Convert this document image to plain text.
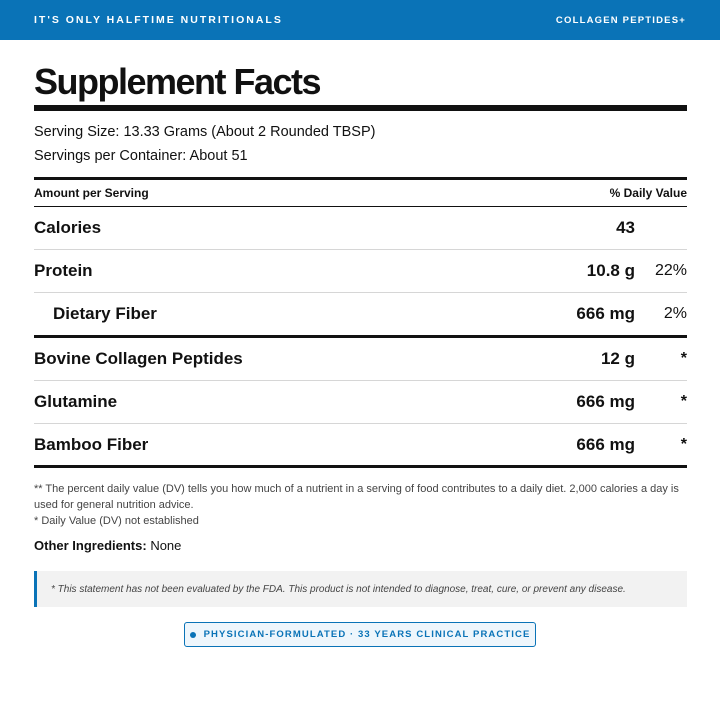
IT'S ONLY HALFTIME NUTRITIONALS	COLLAGEN PEPTIDES+
Supplement Facts
Serving Size: 13.33 Grams (About 2 Rounded TBSP)
Servings per Container: About 51
Amount per Serving	% Daily Value
Calories	43
Protein	10.8 g	22%
Dietary Fiber	666 mg	2%
Bovine Collagen Peptides	12 g	*
Glutamine	666 mg	*
Bamboo Fiber	666 mg	*
** The percent daily value (DV) tells you how much of a nutrient in a serving of food contributes to a daily diet. 2,000 calories a day is used for general nutrition advice.
* Daily Value (DV) not established
Other Ingredients: None
* This statement has not been evaluated by the FDA. This product is not intended to diagnose, treat, cure, or prevent any disease.
PHYSICIAN-FORMULATED · 33 YEARS CLINICAL PRACTICE
